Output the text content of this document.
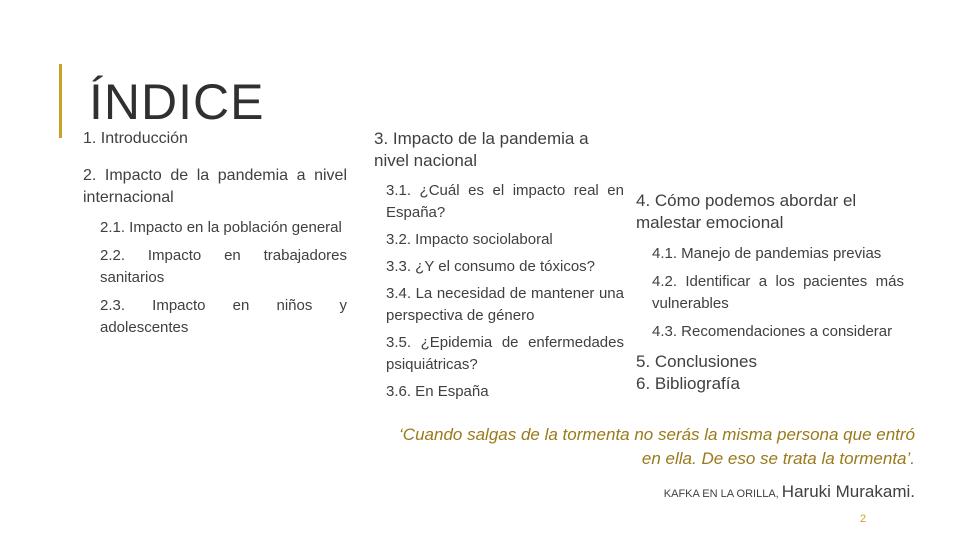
ÍNDICE
1. Introducción
2. Impacto de la pandemia a nivel internacional
2.1. Impacto en la población general
2.2. Impacto en trabajadores sanitarios
2.3. Impacto en niños y adolescentes
3. Impacto de la pandemia a nivel nacional
3.1. ¿Cuál es el impacto real en España?
3.2. Impacto sociolaboral
3.3. ¿Y el consumo de tóxicos?
3.4. La necesidad de mantener una perspectiva de género
3.5. ¿Epidemia de enfermedades psiquiátricas?
3.6. En España
4. Cómo podemos abordar el malestar emocional
4.1. Manejo de pandemias previas
4.2. Identificar a los pacientes más vulnerables
4.3. Recomendaciones a considerar
5. Conclusiones
6. Bibliografía
‘Cuando salgas de la tormenta no serás la misma persona que entró en ella. De eso se trata la tormenta’.
KAFKA EN LA ORILLA, Haruki Murakami.
2
